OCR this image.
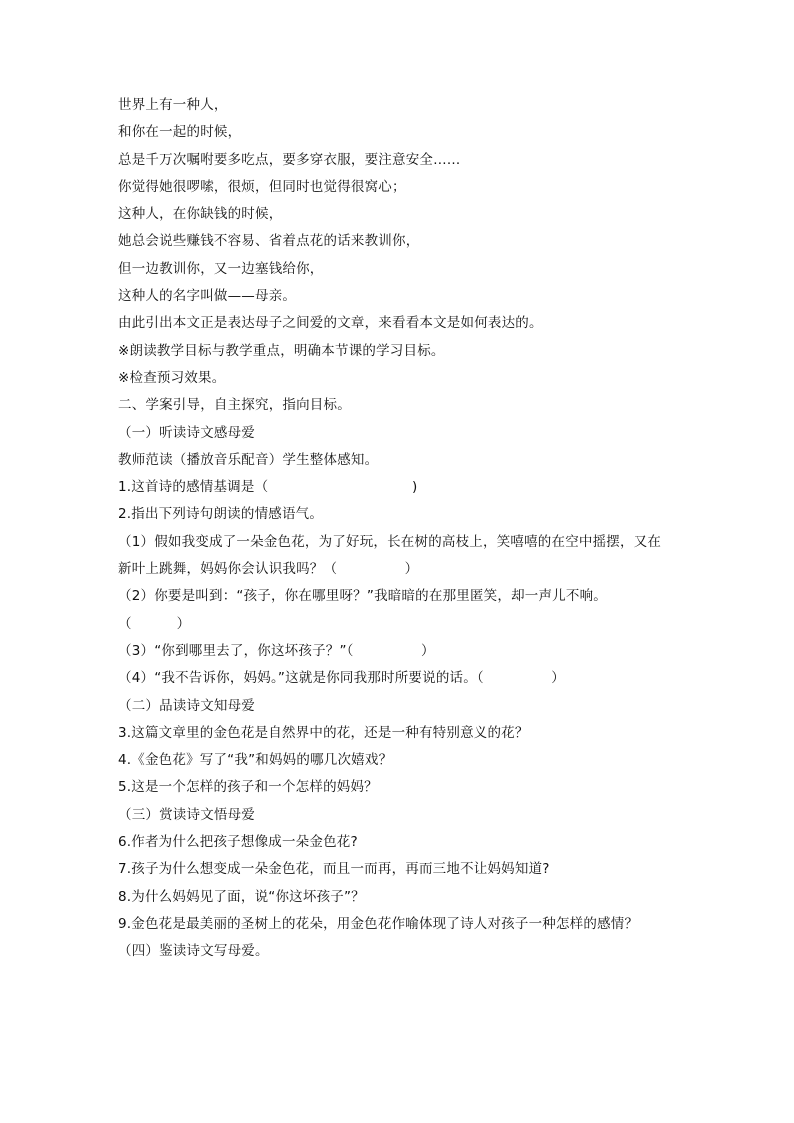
世界上有一种人，
和你在一起的时候，
总是千万次嘱咐要多吃点，要多穿衣服，要注意安全……
你觉得她很啰嗦，很烦，但同时也觉得很窝心；
这种人，在你缺钱的时候，
她总会说些赚钱不容易、省着点花的话来教训你，
但一边教训你，又一边塞钱给你，
这种人的名字叫做——母亲。
由此引出本文正是表达母子之间爱的文章，来看看本文是如何表达的。
※朗读教学目标与教学重点，明确本节课的学习目标。
※检查预习效果。
二、学案引导，自主探究，指向目标。
（一）听读诗文感母爱
教师范读（播放音乐配音）学生整体感知。
1.这首诗的感情基调是（                                )
2.指出下列诗句朗读的情感语气。
（1）假如我变成了一朵金色花，为了好玩，长在树的高枝上，笑嘻嘻的在空中摇摆，又在
新叶上跳舞，妈妈你会认识我吗？（               ）
（2）你要是叫到：“孩子，你在哪里呀？”我暗暗的在那里匿笑，却一声儿不响。
（          ）
（3）“你到哪里去了，你这坏孩子？”（               ）
（4）“我不告诉你，妈妈。”这就是你同我那时所要说的话。（               ）
（二）品读诗文知母爱
3.这篇文章里的金色花是自然界中的花，还是一种有特别意义的花？
4.《金色花》写了“我”和妈妈的哪几次嬉戏？
5.这是一个怎样的孩子和一个怎样的妈妈？
（三）赏读诗文悟母爱
6.作者为什么把孩子想像成一朵金色花?
7.孩子为什么想变成一朵金色花，而且一而再，再而三地不让妈妈知道?
8.为什么妈妈见了面，说“你这坏孩子”？
9.金色花是最美丽的圣树上的花朵，用金色花作喻体现了诗人对孩子一种怎样的感情？
（四）鉴读诗文写母爱。
